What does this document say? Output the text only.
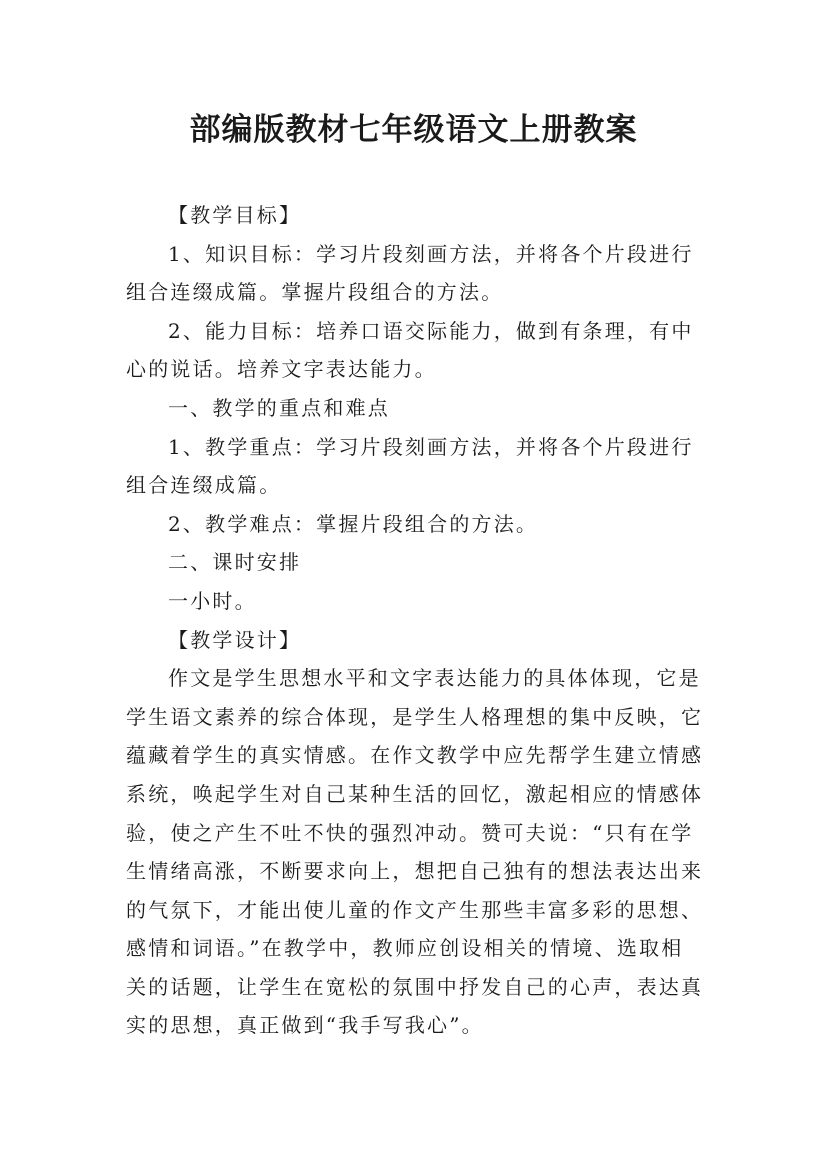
部编版教材七年级语文上册教案
【教学目标】
1、知识目标：学习片段刻画方法，并将各个片段进行
组合连缀成篇。掌握片段组合的方法。
2、能力目标：培养口语交际能力，做到有条理，有中
心的说话。培养文字表达能力。
一、教学的重点和难点
1、教学重点：学习片段刻画方法，并将各个片段进行
组合连缀成篇。
2、教学难点：掌握片段组合的方法。
二、课时安排
一小时。
【教学设计】
作文是学生思想水平和文字表达能力的具体体现，它是
学生语文素养的综合体现，是学生人格理想的集中反映，它
蕴藏着学生的真实情感。在作文教学中应先帮学生建立情感
系统，唤起学生对自己某种生活的回忆，激起相应的情感体
验，使之产生不吐不快的强烈冲动。赞可夫说：“只有在学
生情绪高涨，不断要求向上，想把自己独有的想法表达出来
的气氛下，才能出使儿童的作文产生那些丰富多彩的思想、
感情和词语。”在教学中，教师应创设相关的情境、选取相
关的话题，让学生在宽松的氛围中抒发自己的心声，表达真
实的思想，真正做到“我手写我心”。
